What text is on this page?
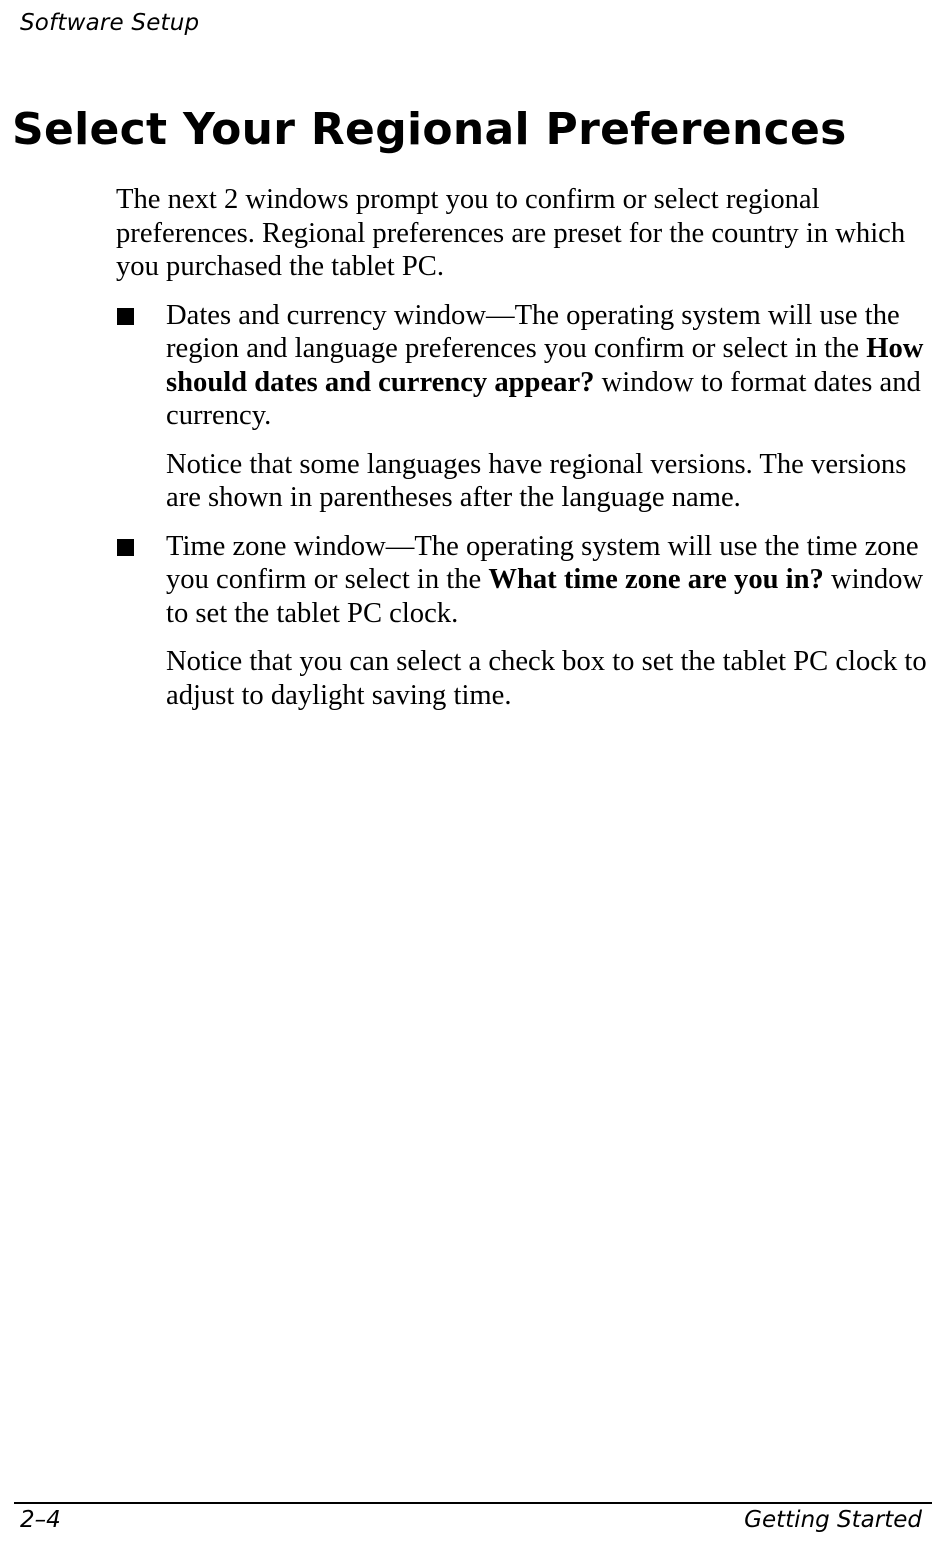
Software Setup
Select Your Regional Preferences

The next 2 windows prompt you to confirm or select regional preferences. Regional preferences are preset for the country in which you purchased the tablet PC.

Dates and currency window—The operating system will use the region and language preferences you confirm or select in the How should dates and currency appear? window to format dates and currency.

Notice that some languages have regional versions. The versions are shown in parentheses after the language name.

Time zone window—The operating system will use the time zone you confirm or select in the What time zone are you in? window to set the tablet PC clock.

Notice that you can select a check box to set the tablet PC clock to adjust to daylight saving time.

2–4	Getting Started
